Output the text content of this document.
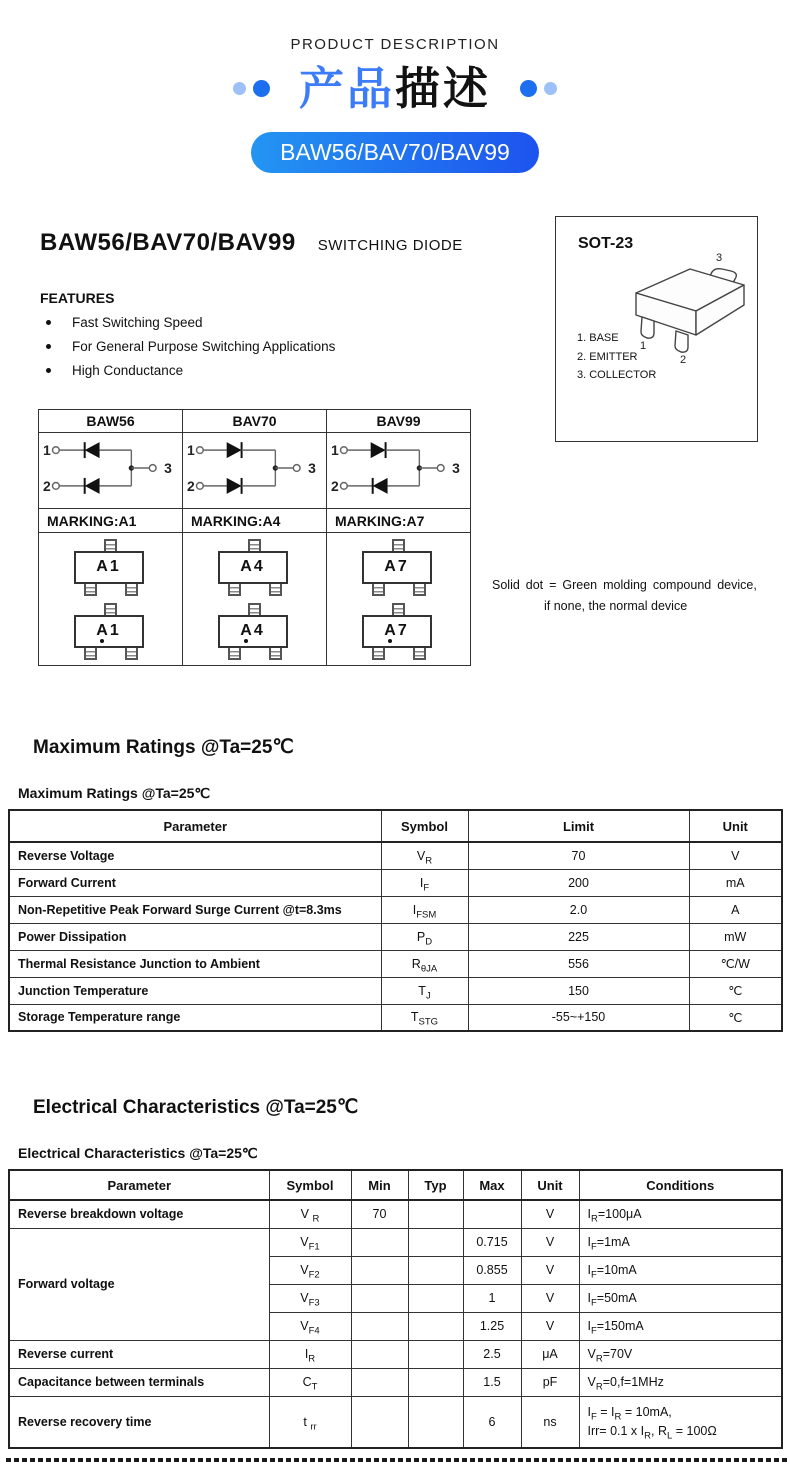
PRODUCT DESCRIPTION
产品描述
BAW56/BAV70/BAV99
BAW56/BAV70/BAV99 SWITCHING DIODE
FEATURES
Fast Switching Speed
For General Purpose Switching Applications
High Conductance
SOT-23
1
2
3
1. BASE
2. EMITTER
3. COLLECTOR
BAW56	BAV70	BAV99

1
2
3	1
2
3	1
2
3

MARKING:A1	MARKING:A4	MARKING:A7

A1
A1

A4
A4

A7
A7
Solid dot = Green molding compound device,
if none, the normal device
Maximum Ratings @Ta=25℃
Maximum Ratings @Ta=25℃
Parameter	Symbol	Limit	Unit
Reverse Voltage	$V_R$	70	V
Forward Current	$I_F$	200	mA
Non-Repetitive Peak Forward Surge Current @t=8.3ms	$I_{FSM}$	2.0	A
Power Dissipation	$P_D$	225	mW
Thermal Resistance Junction to Ambient	$R_{\theta JA}$	556	℃/W
Junction Temperature	$T_J$	150	℃
Storage Temperature range	$T_{STG}$	-55~+150	℃
Electrical Characteristics @Ta=25℃
Electrical Characteristics @Ta=25℃
Parameter	Symbol	Min	Typ	Max	Unit	Conditions
Reverse breakdown voltage	V $_R$	70			V	$I_R=100\mu A$
Forward voltage	$V_{F1}$			0.715	V	$I_F=1mA$
	$V_{F2}$			0.855	V	$I_F=10mA$
	$V_{F3}$			1	V	$I_F=50mA$
	$V_{F4}$			1.25	V	$I_F=150mA$
Reverse current	$I_R$			2.5	μA	$V_R=70V$
Capacitance between terminals	$C_T$			1.5	pF	$V_R=0,f=1MHz$
Reverse recovery time	t $_{rr}$			6	ns	$I_F = I_R = 10mA$,
Irr= 0.1 x $I_R$, $R_L = 100\Omega$
